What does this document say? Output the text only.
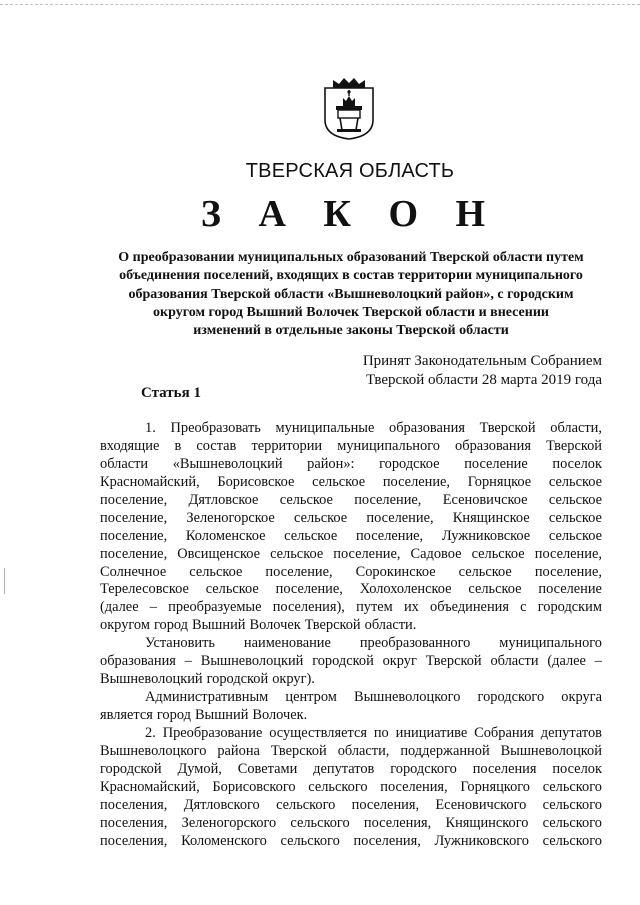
ТВЕРСКАЯ ОБЛАСТЬ
З А К О Н
О преобразовании муниципальных образований Тверской области путем
объединения поселений, входящих в состав территории муниципального
образования Тверской области «Вышневолоцкий район», с городским
округом город Вышний Волочек Тверской области и внесении
изменений в отдельные законы Тверской области
Принят Законодательным Собранием
Тверской области 28 марта 2019 года
Статья 1
1. Преобразовать муниципальные образования Тверской области,
входящие в состав территории муниципального образования Тверской
области «Вышневолоцкий район»: городское поселение поселок
Красномайский, Борисовское сельское поселение, Горняцкое сельское
поселение, Дятловское сельское поселение, Есеновичское сельское
поселение, Зеленогорское сельское поселение, Княщинское сельское
поселение, Коломенское сельское поселение, Лужниковское сельское
поселение, Овсищенское сельское поселение, Садовое сельское поселение,
Солнечное сельское поселение, Сорокинское сельское поселение,
Терелесовское сельское поселение, Холохоленское сельское поселение
(далее – преобразуемые поселения), путем их объединения с городским
округом город Вышний Волочек Тверской области.
Установить наименование преобразованного муниципального
образования – Вышневолоцкий городской округ Тверской области (далее –
Вышневолоцкий городской округ).
Административным центром Вышневолоцкого городского округа
является город Вышний Волочек.
2. Преобразование осуществляется по инициативе Собрания депутатов
Вышневолоцкого района Тверской области, поддержанной Вышневолоцкой
городской Думой, Советами депутатов городского поселения поселок
Красномайский, Борисовского сельского поселения, Горняцкого сельского
поселения, Дятловского сельского поселения, Есеновичского сельского
поселения, Зеленогорского сельского поселения, Княщинского сельского
поселения, Коломенского сельского поселения, Лужниковского сельского
